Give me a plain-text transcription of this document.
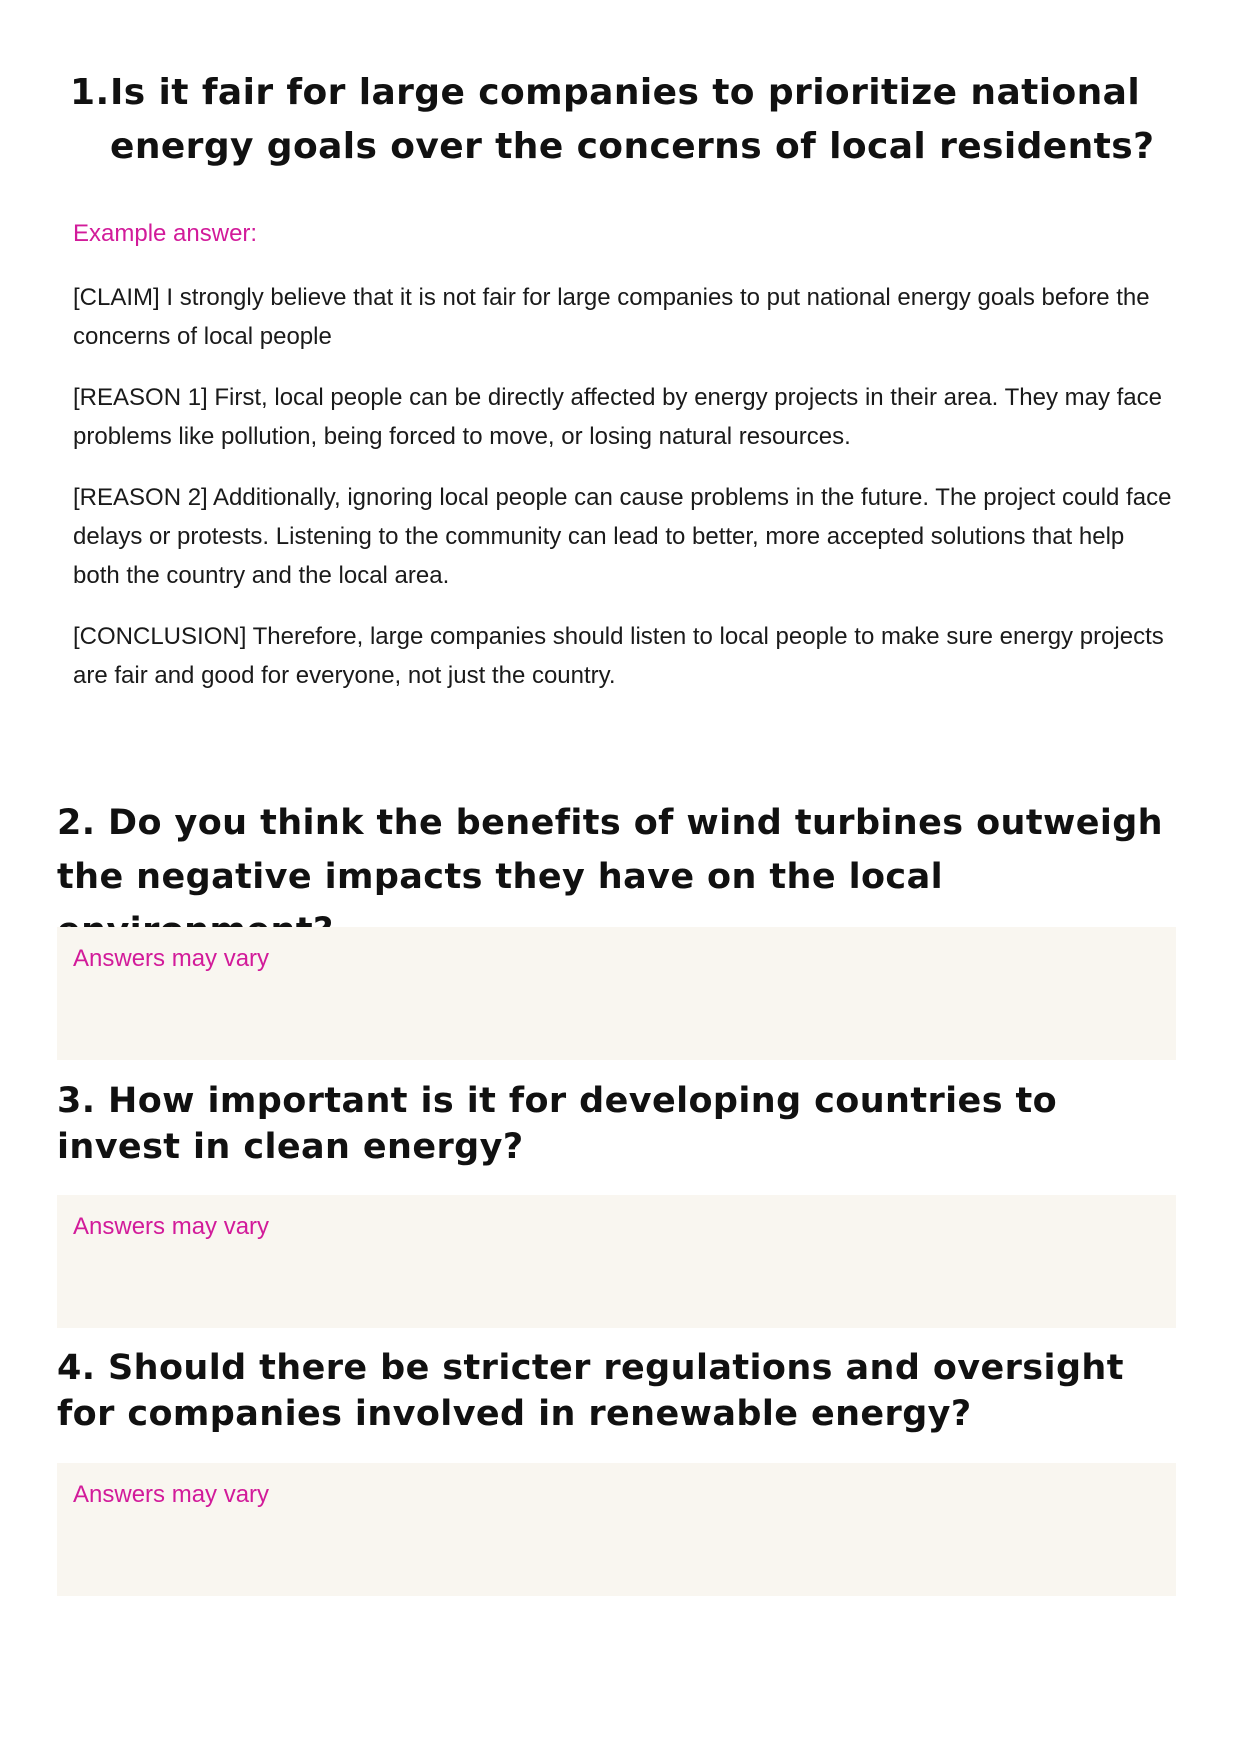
1. Is it fair for large companies to prioritize national energy goals over the concerns of local residents?

Example answer:

[CLAIM] I strongly believe that it is not fair for large companies to put national energy goals before the concerns of local people

[REASON 1] First, local people can be directly affected by energy projects in their area. They may face problems like pollution, being forced to move, or losing natural resources.

[REASON 2] Additionally, ignoring local people can cause problems in the future. The project could face delays or protests. Listening to the community can lead to better, more accepted solutions that help both the country and the local area.

[CONCLUSION] Therefore, large companies should listen to local people to make sure energy projects are fair and good for everyone, not just the country.

2. Do you think the benefits of wind turbines outweigh the negative impacts they have on the local
Answers may vary
3. How important is it for developing countries to invest in clean energy?
Answers may vary
4. Should there be stricter regulations and oversight for companies involved in renewable energy?
Answers may vary
